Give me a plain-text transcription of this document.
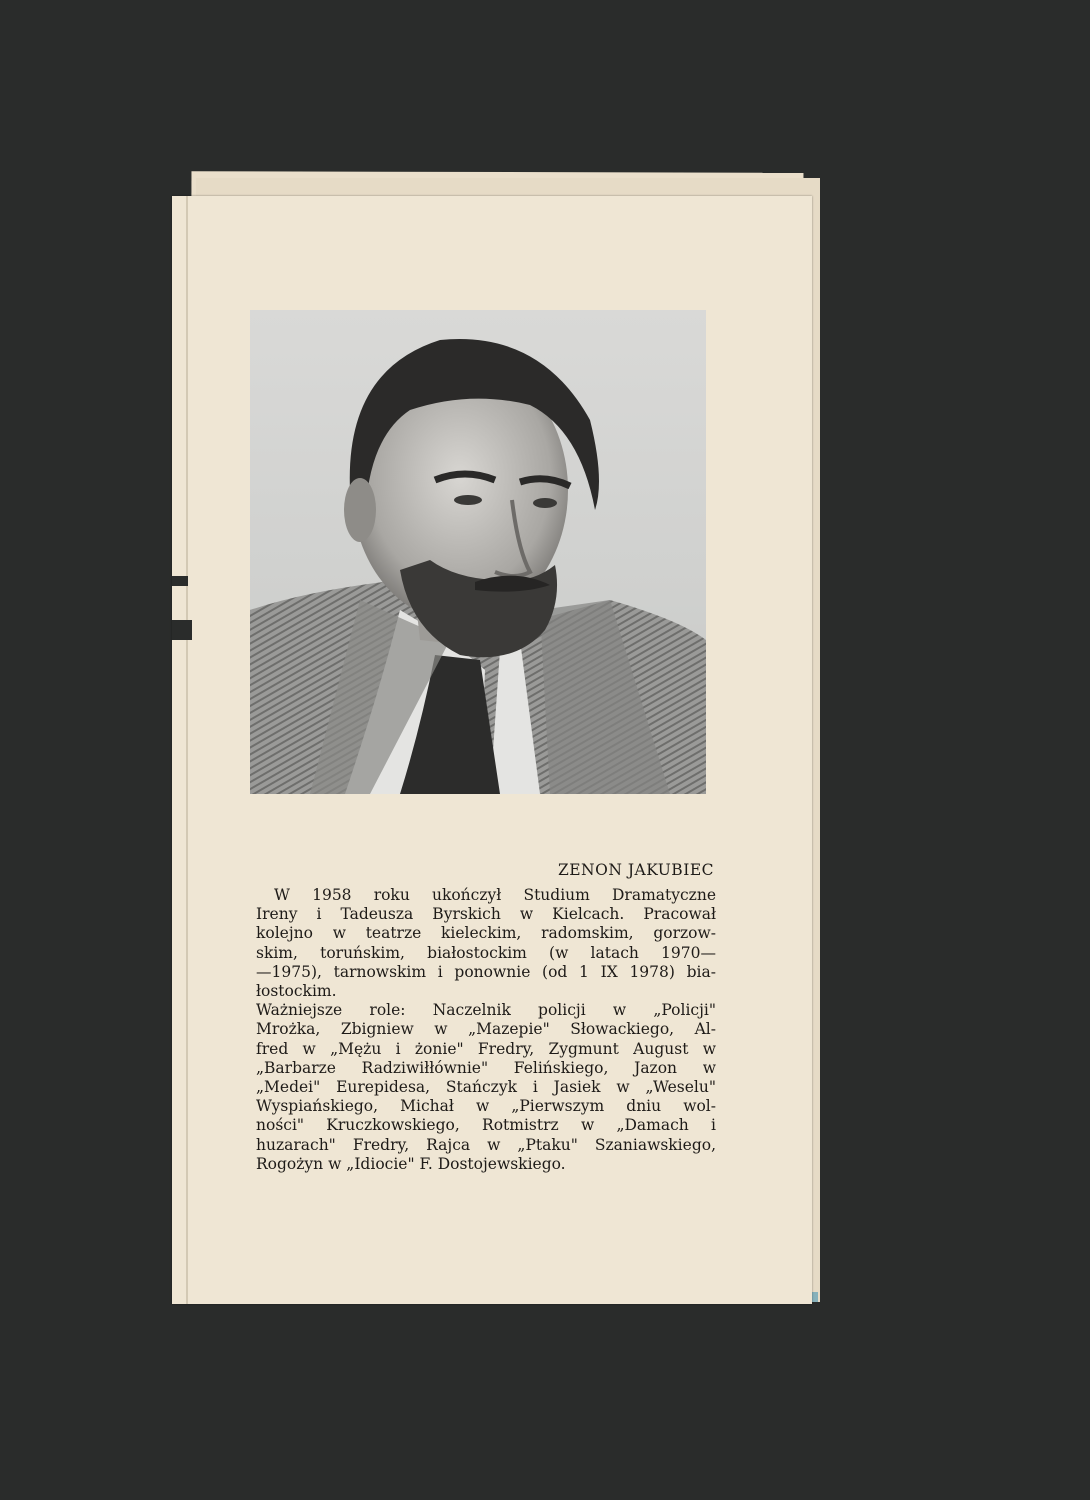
ZENON JAKUBIEC
W 1958 roku ukończył Studium Dramatyczne
Ireny i Tadeusza Byrskich w Kielcach. Pracował
kolejno w teatrze kieleckim, radomskim, gorzow-
skim, toruńskim, białostockim (w latach 1970—
—1975), tarnowskim i ponownie (od 1 IX 1978) bia-
łostockim.
Ważniejsze role: Naczelnik policji w „Policji"
Mrożka, Zbigniew w „Mazepie" Słowackiego, Al-
fred w „Mężu i żonie" Fredry, Zygmunt August w
„Barbarze Radziwiłłównie" Felińskiego, Jazon w
„Medei" Eurepidesa, Stańczyk i Jasiek w „Weselu"
Wyspiańskiego, Michał w „Pierwszym dniu wol-
ności" Kruczkowskiego, Rotmistrz w „Damach i
huzarach" Fredry, Rajca w „Ptaku" Szaniawskiego,
Rogożyn w „Idiocie" F. Dostojewskiego.
